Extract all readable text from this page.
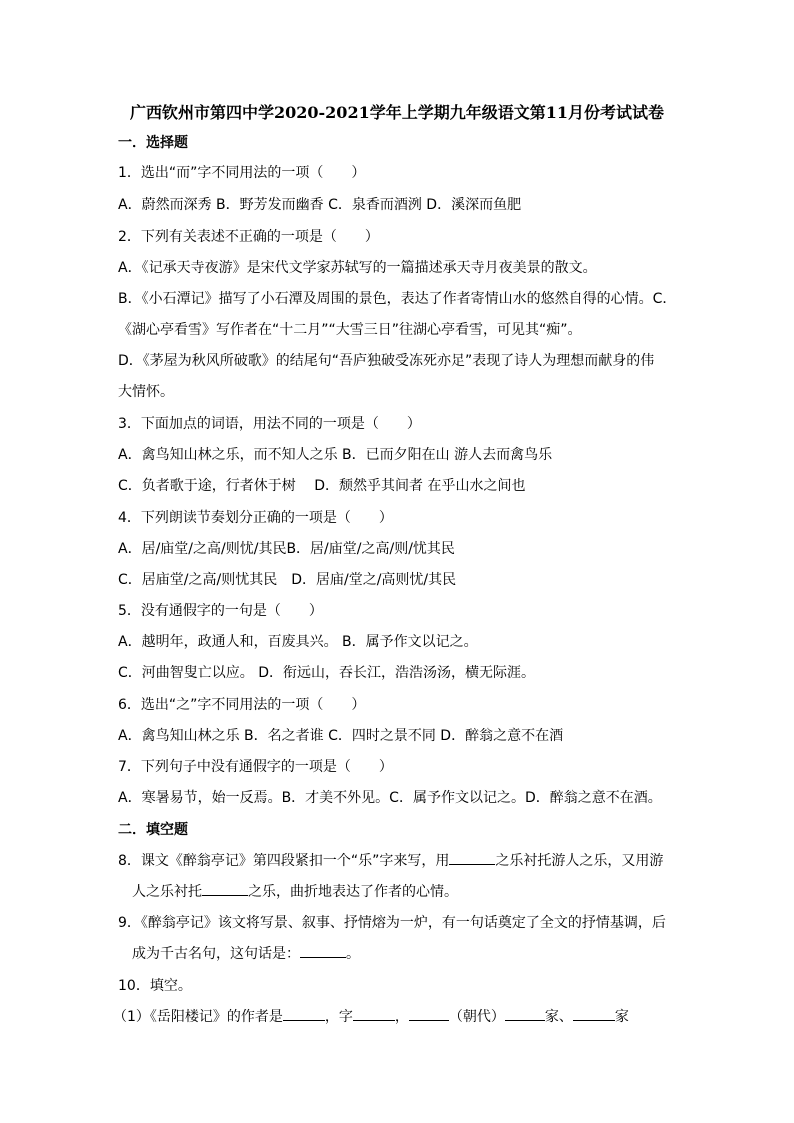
广西钦州市第四中学2020-2021学年上学期九年级语文第11月份考试试卷
一．选择题
1．选出“而”字不同用法的一项（　　）
A．蔚然而深秀 B．野芳发而幽香 C．泉香而酒洌 D．溪深而鱼肥
2．下列有关表述不正确的一项是（　　）
A．《记承天寺夜游》是宋代文学家苏轼写的一篇描述承天寺月夜美景的散文。
B．《小石潭记》描写了小石潭及周围的景色，表达了作者寄情山水的悠然自得的心情。C．
《湖心亭看雪》写作者在“十二月”“大雪三日”往湖心亭看雪，可见其“痴”。
D．《茅屋为秋风所破歌》的结尾句“吾庐独破受冻死亦足”表现了诗人为理想而献身的伟
大情怀。
3．下面加点的词语，用法不同的一项是（　　）
A．禽鸟知山林之乐，而不知人之乐 B．已而夕阳在山 游人去而禽鸟乐
C．负者歌于途，行者休于树　 D．颓然乎其间者 在乎山水之间也
4．下列朗读节奏划分正确的一项是（　　）
A．居/庙堂/之高/则忧/其民B．居/庙堂/之高/则/忧其民
C．居庙堂/之高/则忧其民　D．居庙/堂之/高则忧/其民
5．没有通假字的一句是（　　）
A．越明年，政通人和，百废具兴。 B．属予作文以记之。
C．河曲智叟亡以应。 D．衔远山，吞长江，浩浩汤汤，横无际涯。
6．选出“之”字不同用法的一项（　　）
A．禽鸟知山林之乐 B．名之者谁 C．四时之景不同 D．醉翁之意不在酒
7．下列句子中没有通假字的一项是（　　）
A．寒暑易节，始一反焉。B．才美不外见。C．属予作文以记之。D．醉翁之意不在酒。
二．填空题
8．课文《醉翁亭记》第四段紧扣一个“乐”字来写，用	之乐衬托游人之乐，又用游
人之乐衬托	之乐，曲折地表达了作者的心情。
9．《醉翁亭记》该文将写景、叙事、抒情熔为一炉，有一句话奠定了全文的抒情基调，后
成为千古名句，这句话是：	。
10．填空。
（1）《岳阳楼记》的作者是	，字	，	（朝代）	家、	家
